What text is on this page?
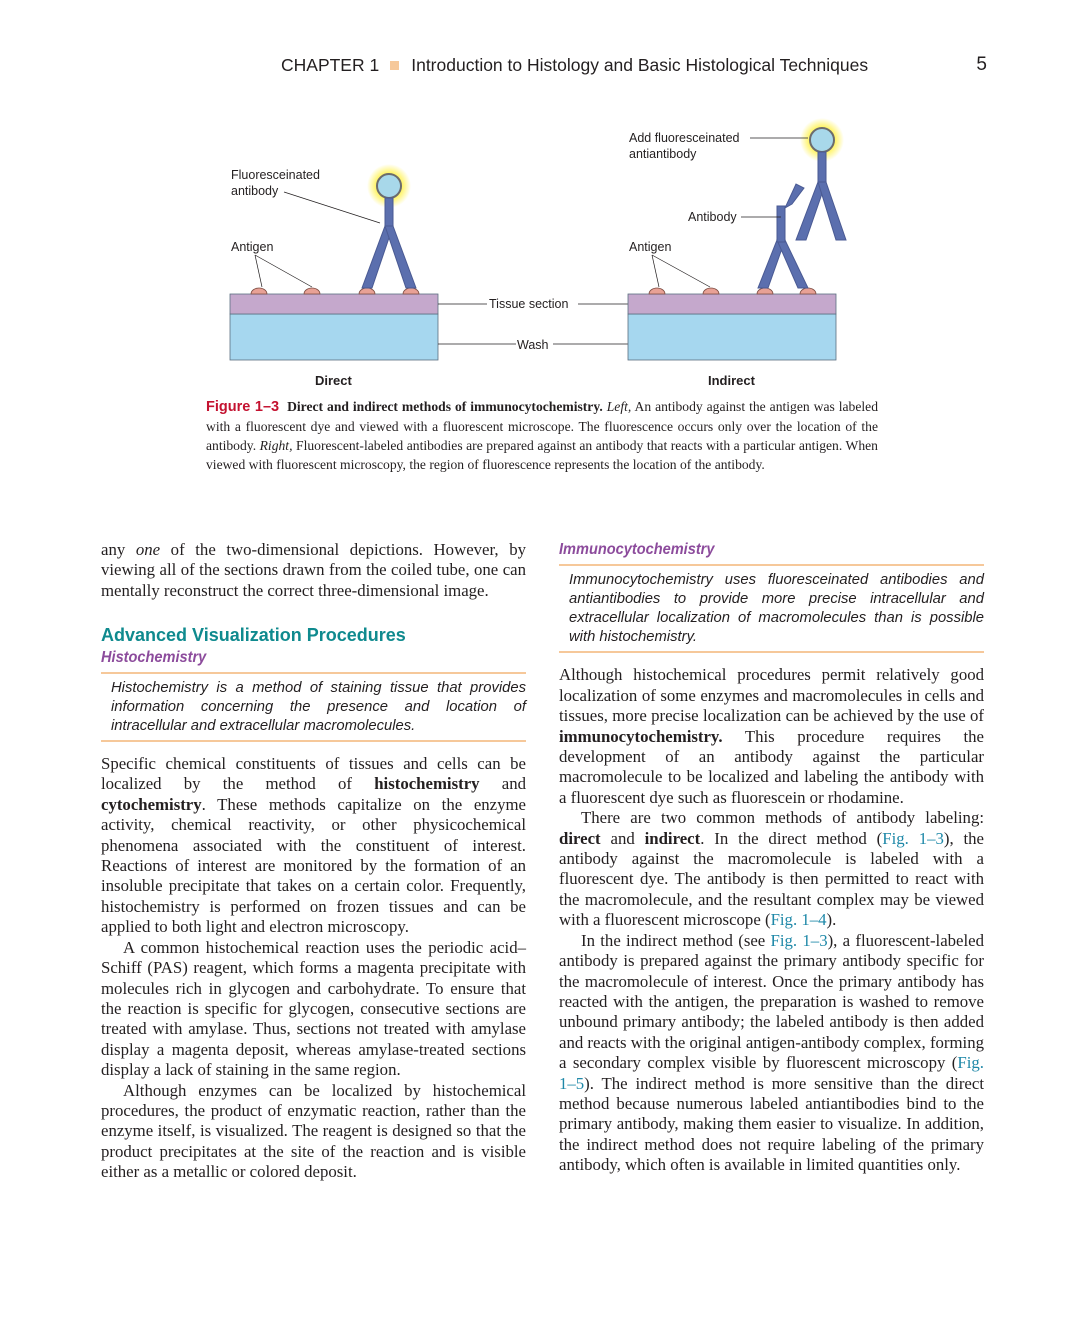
CHAPTER 1 Introduction to Histology and Basic Histological Techniques	5
Fluoresceinated
antibody
Antigen
Direct
Tissue section
Wash
Add fluoresceinated
antiantibody
Antibody
Antigen
Indirect
Figure 1–3 Direct and indirect methods of immunocytochemistry. Left, An antibody against the antigen was labeled with a fluorescent dye and viewed with a fluorescent microscope. The fluorescence occurs only over the location of the antibody. Right, Fluorescent-labeled antibodies are prepared against an antibody that reacts with a particular antigen. When viewed with fluorescent microscopy, the region of fluorescence represents the location of the antibody.

any one of the two-dimensional depictions. However, by viewing all of the sections drawn from the coiled tube, one can mentally reconstruct the correct three-dimensional image.

Advanced Visualization Procedures
Histochemistry
Histochemistry is a method of staining tissue that provides information concerning the presence and location of intracellular and extracellular macromolecules.

Specific chemical constituents of tissues and cells can be localized by the method of histochemistry and cytochemistry. These methods capitalize on the enzyme activity, chemical reactivity, or other physicochemical phenomena associated with the constituent of interest. Reactions of interest are monitored by the formation of an insoluble precipitate that takes on a certain color. Frequently, histochemistry is performed on frozen tissues and can be applied to both light and electron microscopy.

A common histochemical reaction uses the periodic acid–Schiff (PAS) reagent, which forms a magenta precipitate with molecules rich in glycogen and carbohydrate. To ensure that the reaction is specific for glycogen, consecutive sections are treated with amylase. Thus, sections not treated with amylase display a magenta deposit, whereas amylase-treated sections display a lack of staining in the same region.

Although enzymes can be localized by histochemical procedures, the product of enzymatic reaction, rather than the enzyme itself, is visualized. The reagent is designed so that the product precipitates at the site of the reaction and is visible either as a metallic or colored deposit.

Immunocytochemistry
Immunocytochemistry uses fluoresceinated antibodies and antiantibodies to provide more precise intracellular and extracellular localization of macromolecules than is possible with histochemistry.

Although histochemical procedures permit relatively good localization of some enzymes and macromolecules in cells and tissues, more precise localization can be achieved by the use of immunocytochemistry. This procedure requires the development of an antibody against the particular macromolecule to be localized and labeling the antibody with a fluorescent dye such as fluorescein or rhodamine.

There are two common methods of antibody labeling: direct and indirect. In the direct method (Fig. 1–3), the antibody against the macromolecule is labeled with a fluorescent dye. The antibody is then permitted to react with the macromolecule, and the resultant complex may be viewed with a fluorescent microscope (Fig. 1–4).

In the indirect method (see Fig. 1–3), a fluorescent-labeled antibody is prepared against the primary antibody specific for the macromolecule of interest. Once the primary antibody has reacted with the antigen, the preparation is washed to remove unbound primary antibody; the labeled antibody is then added and reacts with the original antigen-antibody complex, forming a secondary complex visible by fluorescent microscopy (Fig. 1–5). The indirect method is more sensitive than the direct method because numerous labeled antiantibodies bind to the primary antibody, making them easier to visualize. In addition, the indirect method does not require labeling of the primary antibody, which often is available in limited quantities only.
